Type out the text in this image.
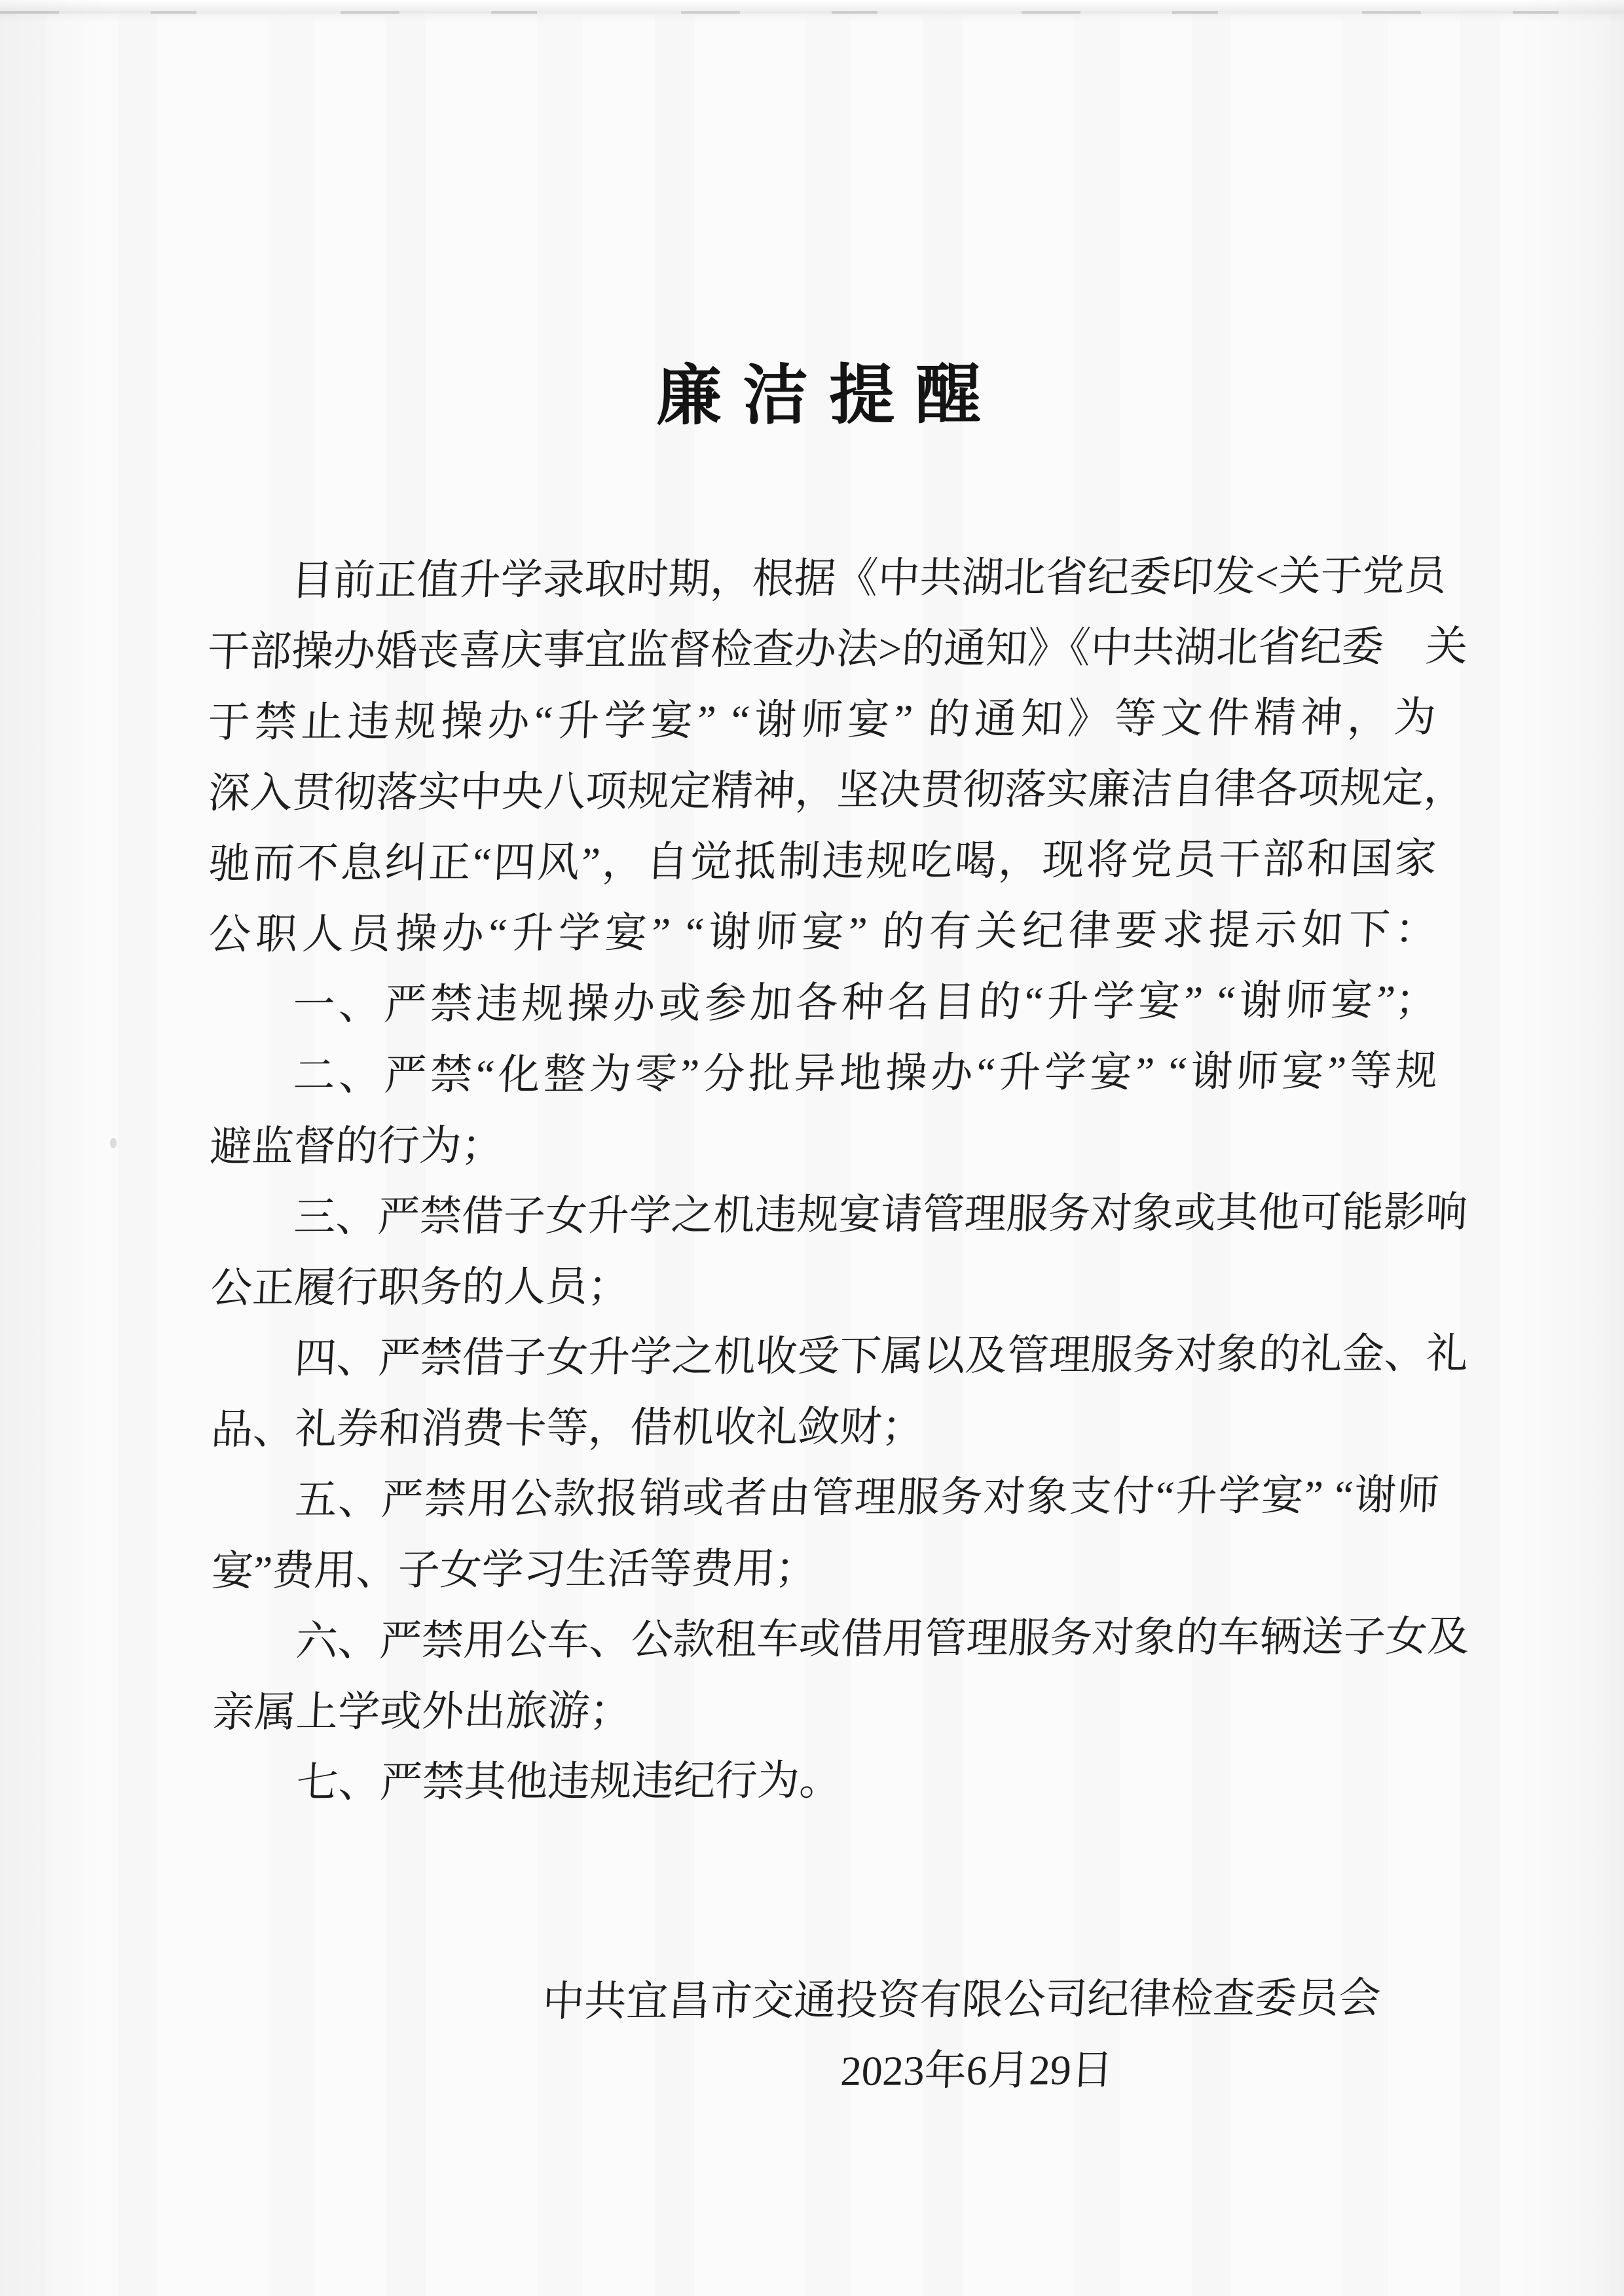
廉洁提醒
目前正值升学录取时期，根据《中共湖北省纪委印发<关于党员
干部操办婚丧喜庆事宜监督检查办法>的通知》《中共湖北省纪委　关
于禁止违规操办“升学宴” “谢师宴” 的通知》等文件精神，为
深入贯彻落实中央八项规定精神，坚决贯彻落实廉洁自律各项规定，
驰而不息纠正“四风”，自觉抵制违规吃喝，现将党员干部和国家
公职人员操办“升学宴” “谢师宴” 的有关纪律要求提示如下：
一、严禁违规操办或参加各种名目的“升学宴” “谢师宴”；
二、严禁“化整为零”分批异地操办“升学宴” “谢师宴”等规
避监督的行为；
三、严禁借子女升学之机违规宴请管理服务对象或其他可能影响
公正履行职务的人员；
四、严禁借子女升学之机收受下属以及管理服务对象的礼金、礼
品、礼券和消费卡等，借机收礼敛财；
五、严禁用公款报销或者由管理服务对象支付“升学宴” “谢师
宴”费用、子女学习生活等费用；
六、严禁用公车、公款租车或借用管理服务对象的车辆送子女及
亲属上学或外出旅游；
七、严禁其他违规违纪行为。
中共宜昌市交通投资有限公司纪律检查委员会
2023年6月29日
